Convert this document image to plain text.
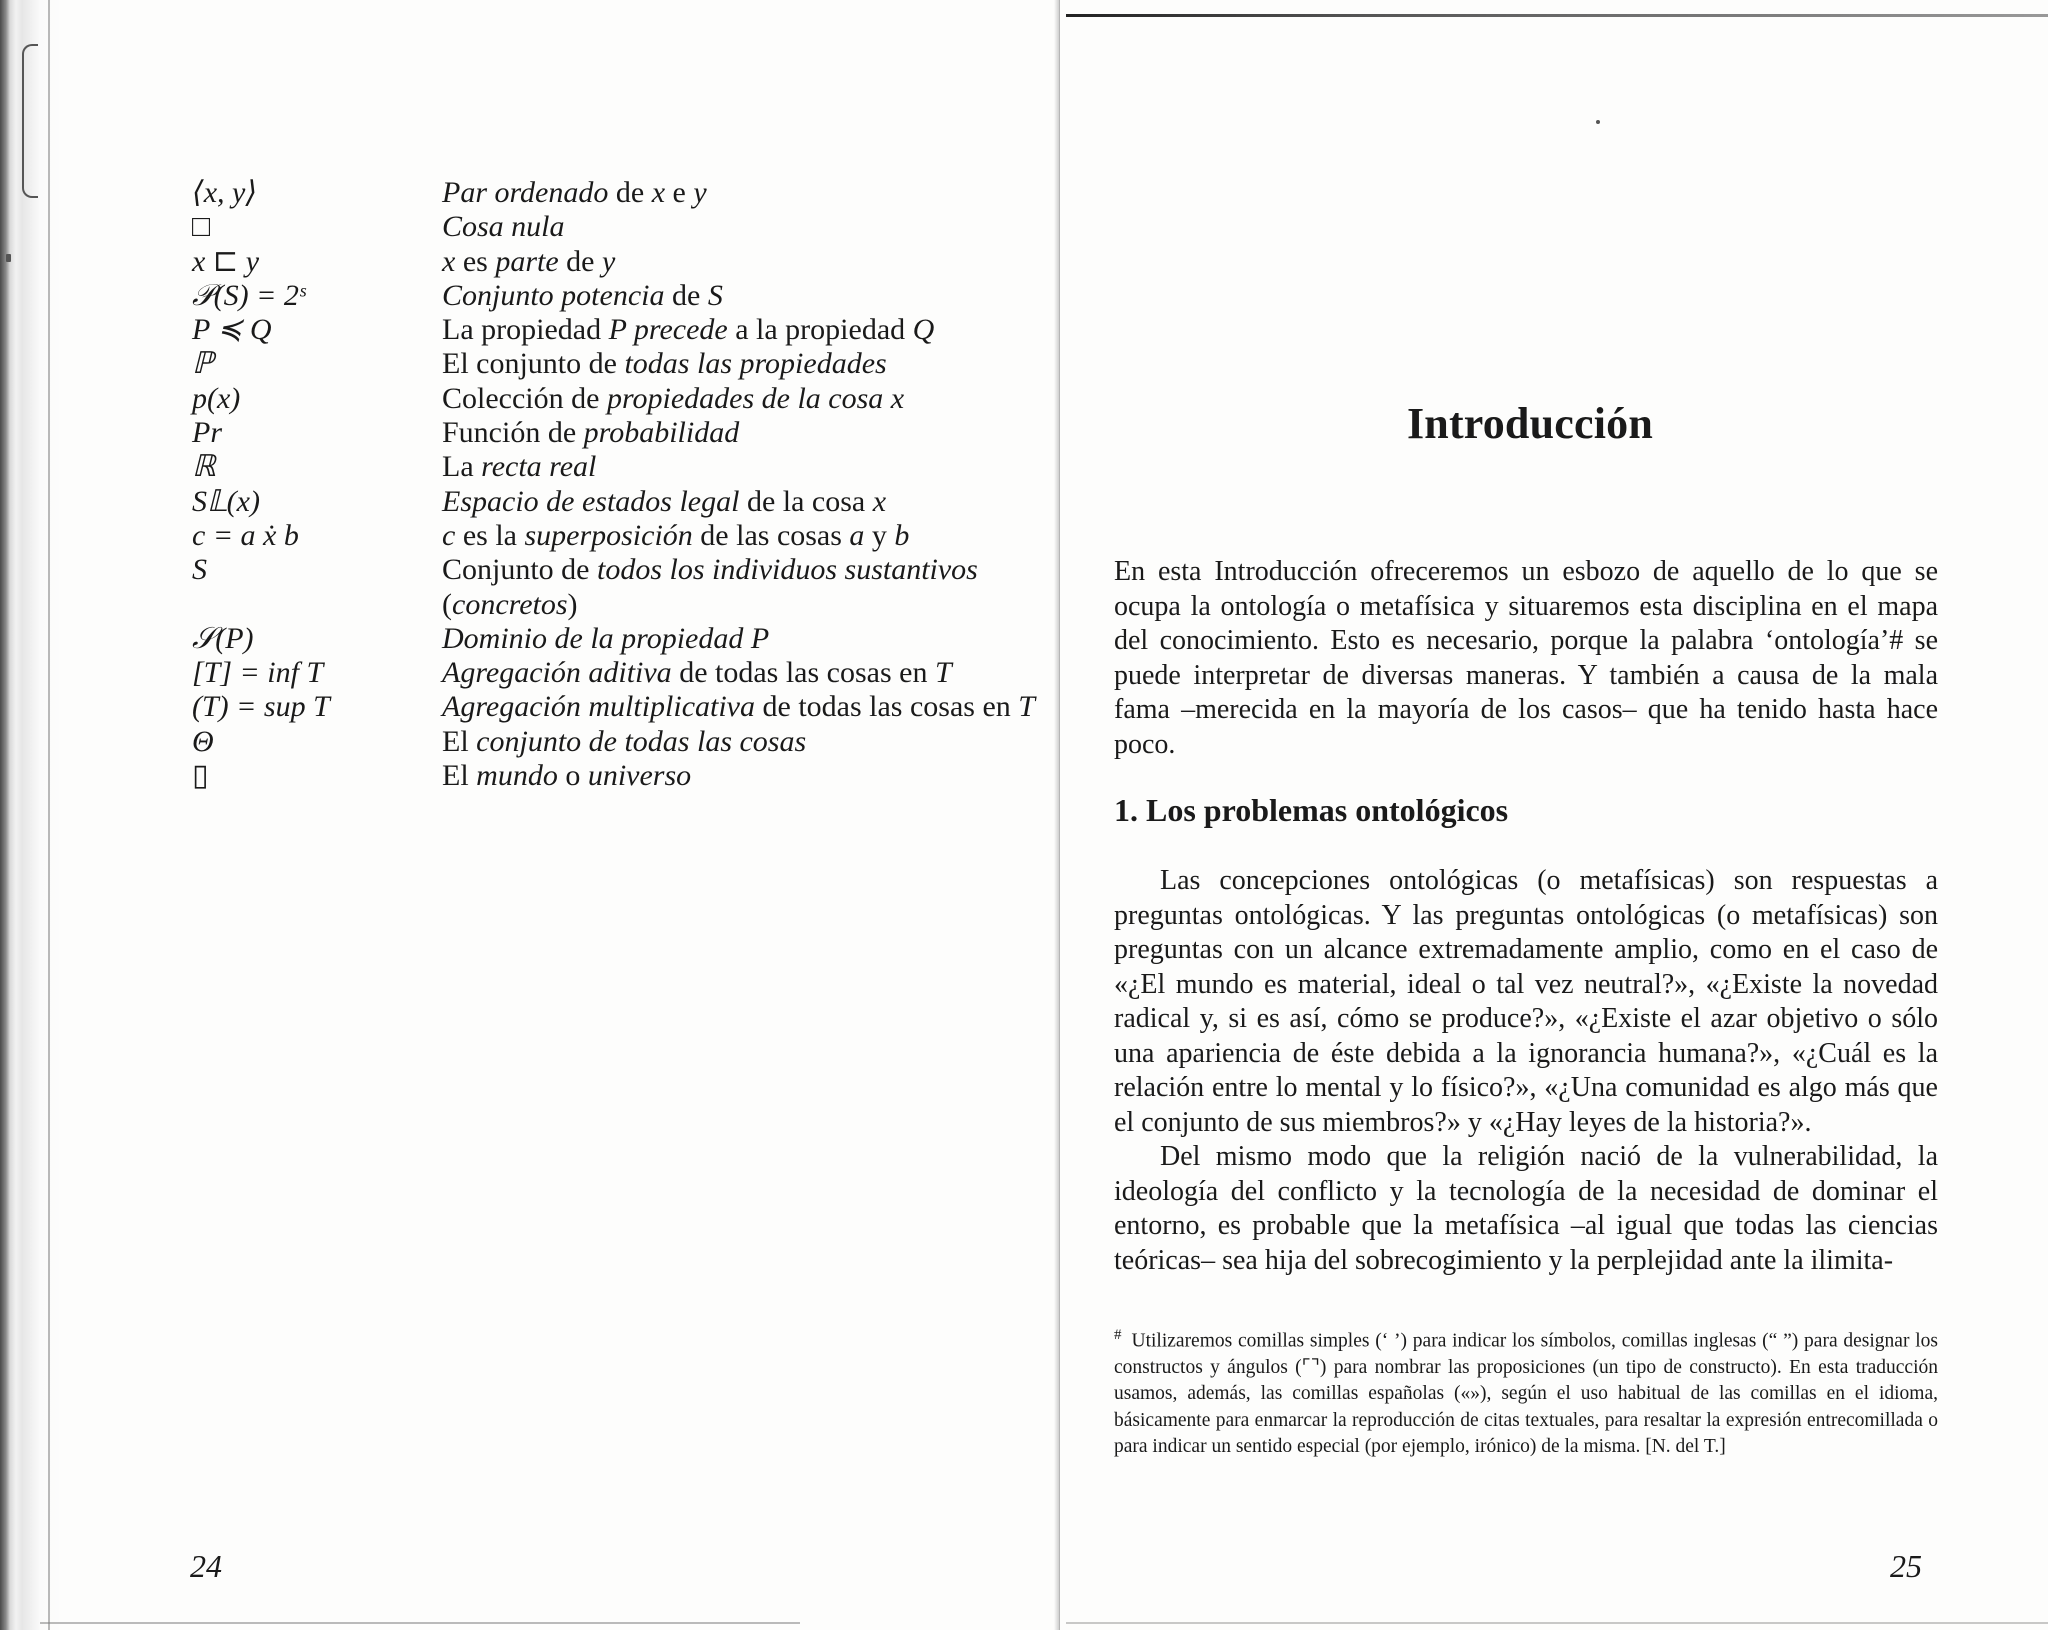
⟨x, y⟩	Par ordenado de x e y
□	Cosa nula
x ⊏ y	x es parte de y
𝒫(S) = 2ˢ	Conjunto potencia de S
P ≼ Q	La propiedad P precede a la propiedad Q
ℙ	El conjunto de todas las propiedades
p(x)	Colección de propiedades de la cosa x
Pr	Función de probabilidad
ℝ	La recta real
S𝕃(x)	Espacio de estados legal de la cosa x
c = a ẋ b	c es la superposición de las cosas a y b
S	Conjunto de todos los individuos sustantivos (concretos)
𝒮(P)	Dominio de la propiedad P
[T] = inf T	Agregación aditiva de todas las cosas en T
(T) = sup T	Agregación multiplicativa de todas las cosas en T
Θ	El conjunto de todas las cosas
▯	El mundo o universo
24
Introducción

En esta Introducción ofreceremos un esbozo de aquello de lo que se ocupa la ontología o metafísica y situaremos esta disciplina en el mapa del conocimiento. Esto es necesario, porque la palabra ‘ontología’# se puede interpretar de diversas maneras. Y también a causa de la mala fama –merecida en la mayoría de los casos– que ha tenido hasta hace poco.

1. Los problemas ontológicos

Las concepciones ontológicas (o metafísicas) son respuestas a preguntas ontológicas. Y las preguntas ontológicas (o metafísicas) son preguntas con un alcance extremadamente amplio, como en el caso de «¿El mundo es material, ideal o tal vez neutral?», «¿Existe la novedad radical y, si es así, cómo se produce?», «¿Existe el azar objetivo o sólo una apariencia de éste debida a la ignorancia humana?», «¿Cuál es la relación entre lo mental y lo físico?», «¿Una comunidad es algo más que el conjunto de sus miembros?» y «¿Hay leyes de la historia?».

Del mismo modo que la religión nació de la vulnerabilidad, la ideología del conflicto y la tecnología de la necesidad de dominar el entorno, es probable que la metafísica –al igual que todas las ciencias teóricas– sea hija del sobrecogimiento y la perplejidad ante la ilimita-

# Utilizaremos comillas simples (‘ ’) para indicar los símbolos, comillas inglesas (“ ”) para designar los constructos y ángulos (⌜⌝) para nombrar las proposiciones (un tipo de constructo). En esta traducción usamos, además, las comillas españolas («»), según el uso habitual de las comillas en el idioma, básicamente para enmarcar la reproducción de citas textuales, para resaltar la expresión entrecomillada o para indicar un sentido especial (por ejemplo, irónico) de la misma. [N. del T.]
25
